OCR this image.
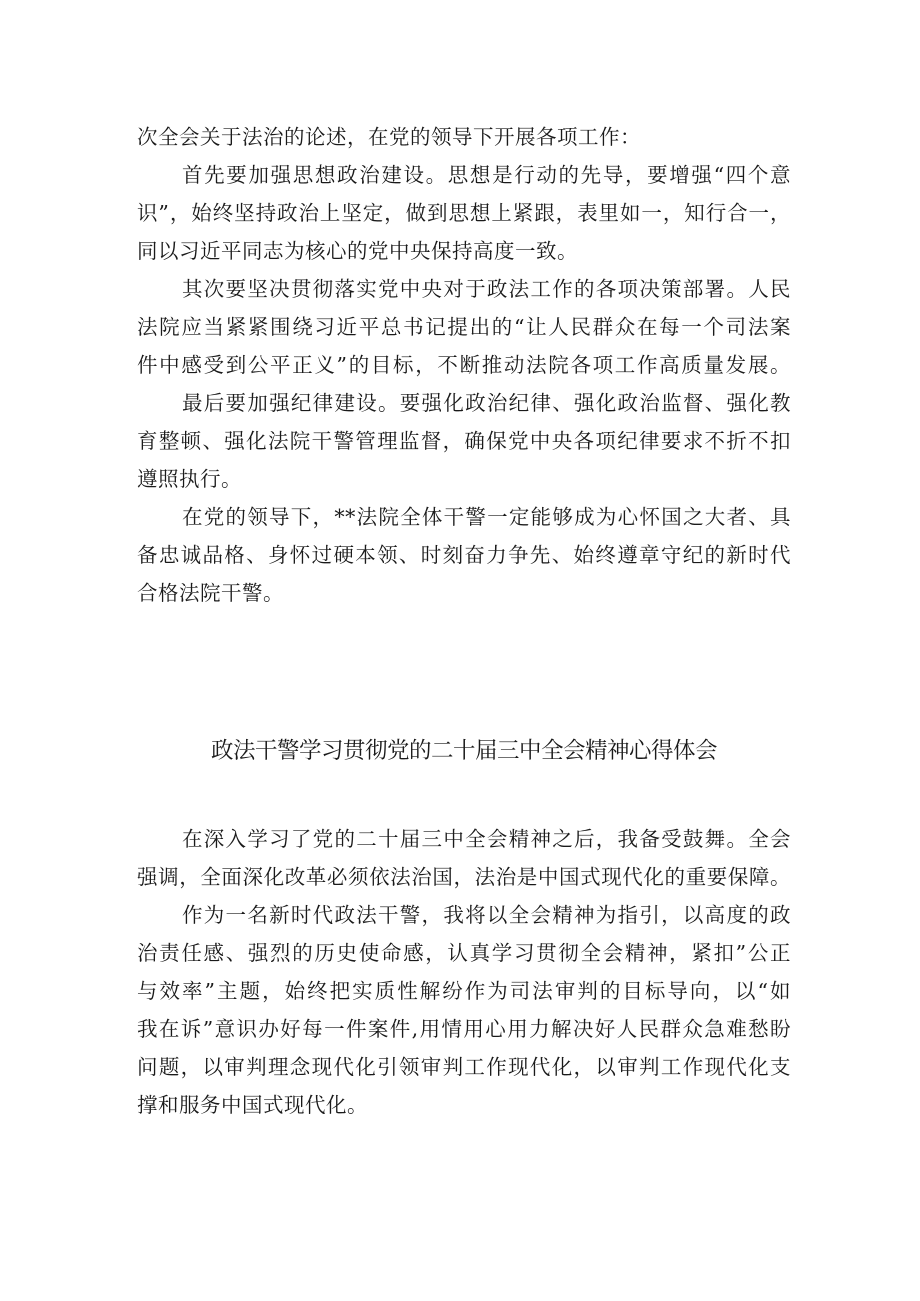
次全会关于法治的论述，在党的领导下开展各项工作：
首先要加强思想政治建设。思想是行动的先导，要增强“四个意
识”，始终坚持政治上坚定，做到思想上紧跟，表里如一，知行合一，
同以习近平同志为核心的党中央保持高度一致。
其次要坚决贯彻落实党中央对于政法工作的各项决策部署。人民
法院应当紧紧围绕习近平总书记提出的“让人民群众在每一个司法案
件中感受到公平正义”的目标，不断推动法院各项工作高质量发展。
最后要加强纪律建设。要强化政治纪律、强化政治监督、强化教
育整顿、强化法院干警管理监督，确保党中央各项纪律要求不折不扣
遵照执行。
在党的领导下，**法院全体干警一定能够成为心怀国之大者、具
备忠诚品格、身怀过硬本领、时刻奋力争先、始终遵章守纪的新时代
合格法院干警。
政法干警学习贯彻党的二十届三中全会精神心得体会
在深入学习了党的二十届三中全会精神之后，我备受鼓舞。全会
强调，全面深化改革必须依法治国，法治是中国式现代化的重要保障。
作为一名新时代政法干警，我将以全会精神为指引，以高度的政
治责任感、强烈的历史使命感，认真学习贯彻全会精神，紧扣”公正
与效率”主题，始终把实质性解纷作为司法审判的目标导向，以“如
我在诉”意识办好每一件案件,用情用心用力解决好人民群众急难愁盼
问题，以审判理念现代化引领审判工作现代化，以审判工作现代化支
撑和服务中国式现代化。
